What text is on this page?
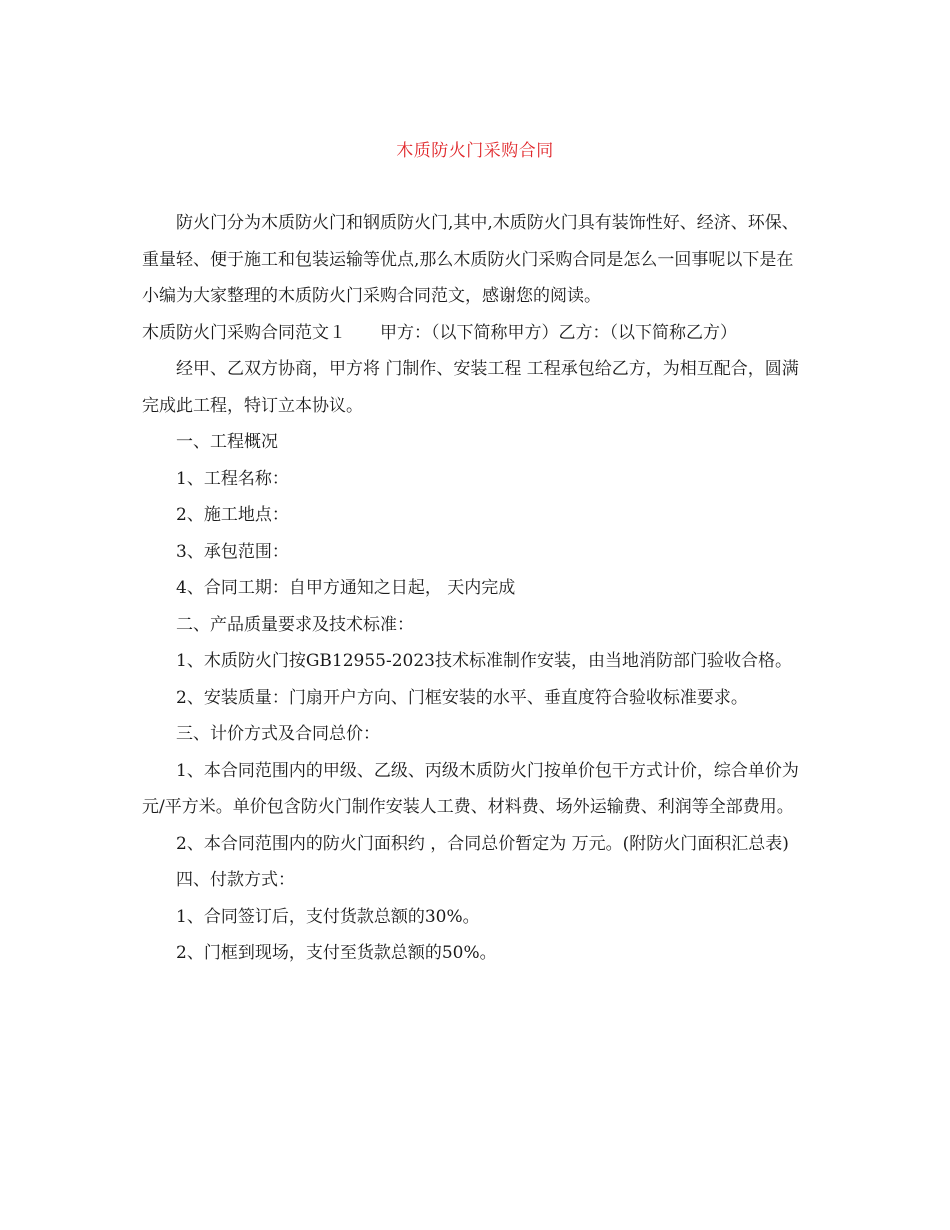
木质防火门采购合同

防火门分为木质防火门和钢质防火门,其中,木质防火门具有装饰性好、经济、环保、重量轻、便于施工和包装运输等优点,那么木质防火门采购合同是怎么一回事呢以下是在小编为大家整理的木质防火门采购合同范文，感谢您的阅读。

木质防火门采购合同范文１　　甲方：（以下简称甲方）乙方：（以下简称乙方）

经甲、乙双方协商，甲方将 门制作、安装工程 工程承包给乙方，为相互配合，圆满完成此工程，特订立本协议。

一、工程概况

1、工程名称：

2、施工地点：

3、承包范围：

4、合同工期：自甲方通知之日起， 天内完成

二、产品质量要求及技术标准：

1、木质防火门按GB12955-2023技术标准制作安装，由当地消防部门验收合格。

2、安装质量：门扇开户方向、门框安装的水平、垂直度符合验收标准要求。

三、计价方式及合同总价：

1、本合同范围内的甲级、乙级、丙级木质防火门按单价包干方式计价，综合单价为 元/平方米。单价包含防火门制作安装人工费、材料费、场外运输费、利润等全部费用。

2、本合同范围内的防火门面积约 ，合同总价暂定为 万元。(附防火门面积汇总表)

四、付款方式：

1、合同签订后，支付货款总额的30%。

2、门框到现场，支付至货款总额的50%。
